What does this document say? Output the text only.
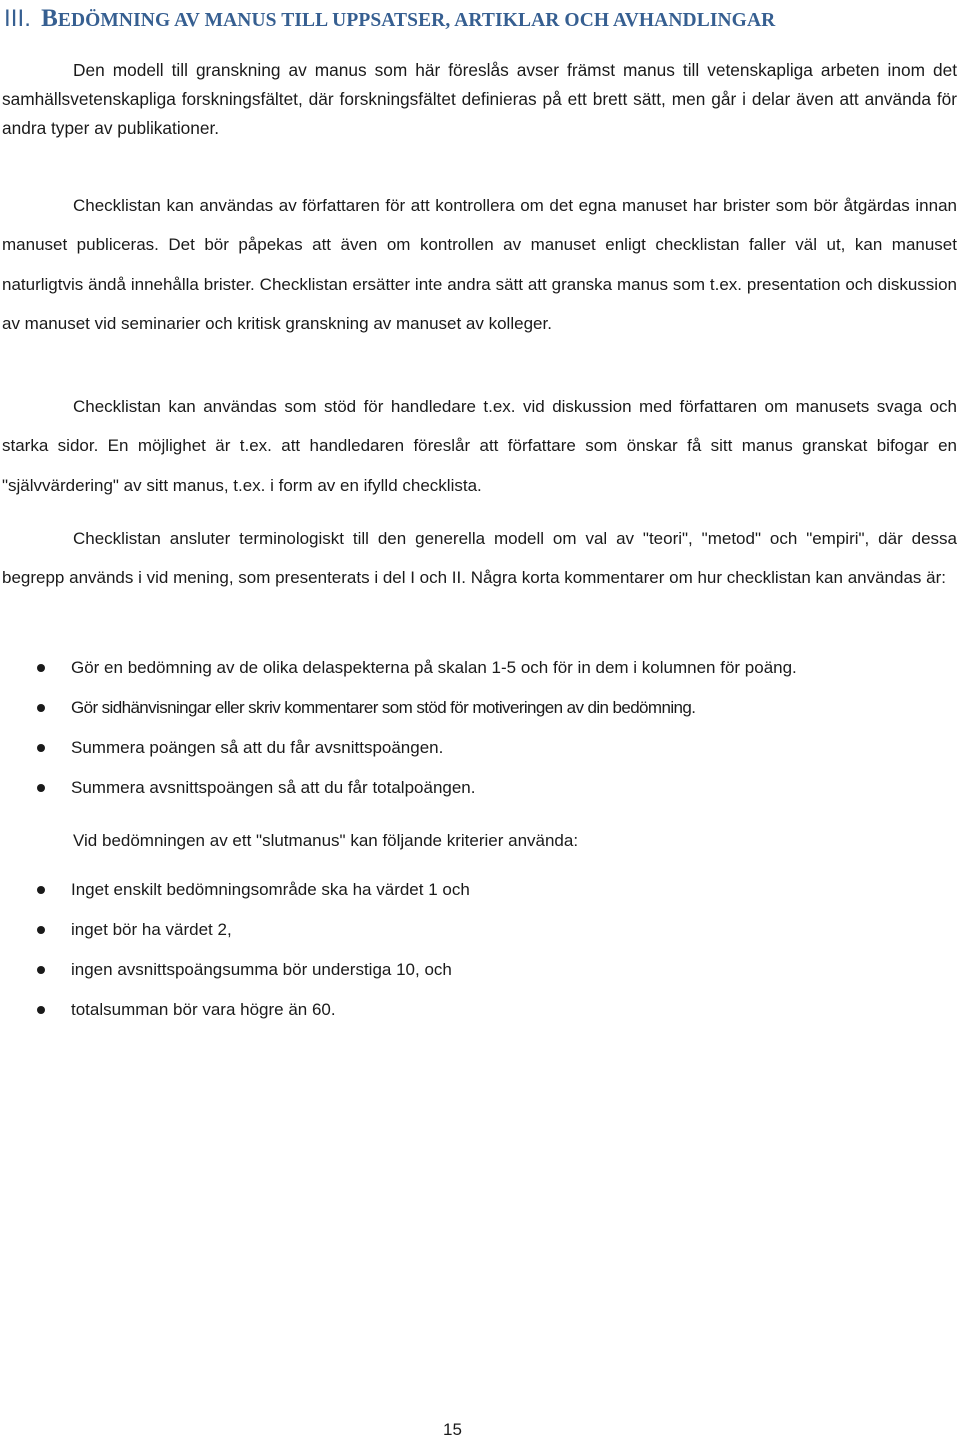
III. BEDÖMNING AV MANUS TILL UPPSATSER, ARTIKLAR OCH AVHANDLINGAR

Den modell till granskning av manus som här föreslås avser främst manus till vetenskapliga arbeten inom det samhällsvetenskapliga forskningsfältet, där forskningsfältet definieras på ett brett sätt, men går i delar även att använda för andra typer av publikationer.

Checklistan kan användas av författaren för att kontrollera om det egna manuset har brister som bör åtgärdas innan manuset publiceras. Det bör påpekas att även om kontrollen av manuset enligt checklistan faller väl ut, kan manuset naturligtvis ändå innehålla brister. Checklistan ersätter inte andra sätt att granska manus som t.ex. presentation och diskussion av manuset vid seminarier och kritisk granskning av manuset av kolleger.

Checklistan kan användas som stöd för handledare t.ex. vid diskussion med författaren om manusets svaga och starka sidor. En möjlighet är t.ex. att handledaren föreslår att författare som önskar få sitt manus granskat bifogar en "självvärdering" av sitt manus, t.ex. i form av en ifylld checklista.

Checklistan ansluter terminologiskt till den generella modell om val av "teori", "metod" och "empiri", där dessa begrepp används i vid mening, som presenterats i del I och II. Några korta kommentarer om hur checklistan kan användas är:

Gör en bedömning av de olika delaspekterna på skalan 1-5 och för in dem i kolumnen för poäng.
Gör sidhänvisningar eller skriv kommentarer som stöd för motiveringen av din bedömning.
Summera poängen så att du får avsnittspoängen.
Summera avsnittspoängen så att du får totalpoängen.

Vid bedömningen av ett "slutmanus" kan följande kriterier använda:

Inget enskilt bedömningsområde ska ha värdet 1 och
inget bör ha värdet 2,
ingen avsnittspoängsumma bör understiga 10, och
totalsumman bör vara högre än 60.
15
